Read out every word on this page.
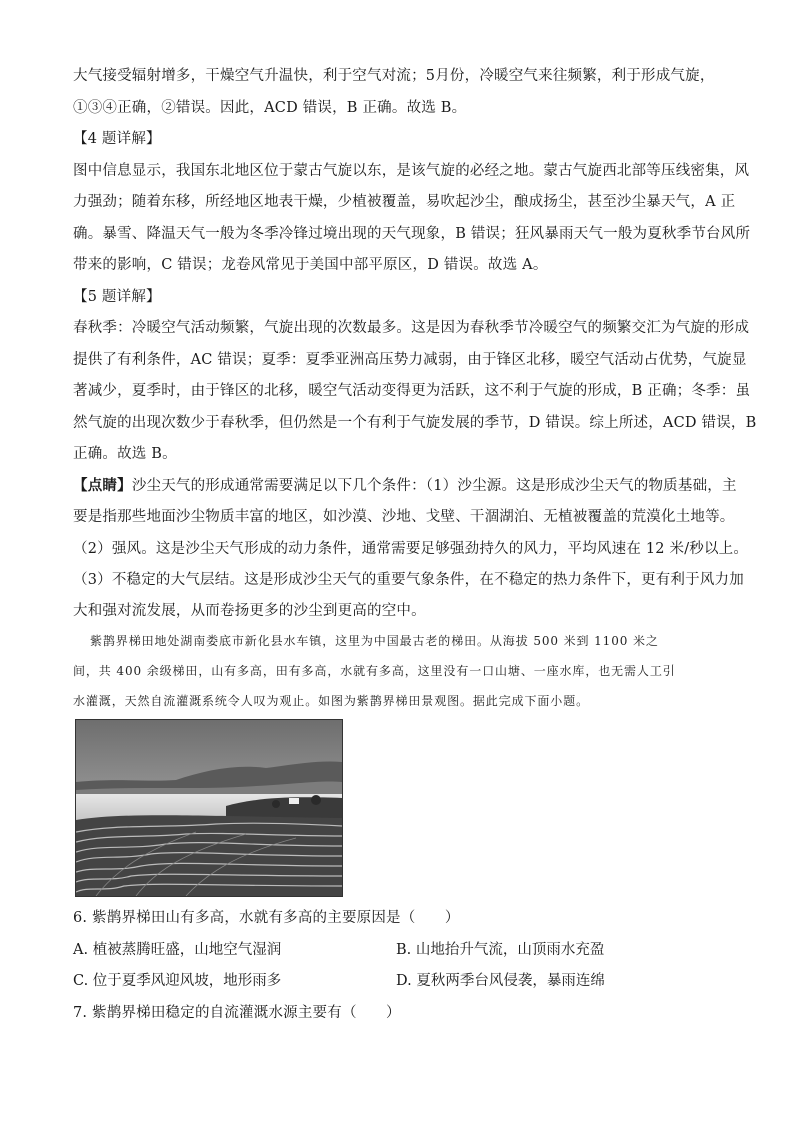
大气接受辐射增多，干燥空气升温快，利于空气对流；5月份，冷暖空气来往频繁，利于形成气旋，
①③④正确，②错误。因此，ACD 错误，B 正确。故选 B。
【4 题详解】
图中信息显示，我国东北地区位于蒙古气旋以东，是该气旋的必经之地。蒙古气旋西北部等压线密集，风
力强劲；随着东移，所经地区地表干燥，少植被覆盖，易吹起沙尘，酿成扬尘，甚至沙尘暴天气，A 正
确。暴雪、降温天气一般为冬季冷锋过境出现的天气现象，B 错误；狂风暴雨天气一般为夏秋季节台风所
带来的影响，C 错误；龙卷风常见于美国中部平原区，D 错误。故选 A。
【5 题详解】
春秋季：冷暖空气活动频繁，气旋出现的次数最多。这是因为春秋季节冷暖空气的频繁交汇为气旋的形成
提供了有利条件，AC 错误；夏季：夏季亚洲高压势力减弱，由于锋区北移，暖空气活动占优势，气旋显
著减少，夏季时，由于锋区的北移，暖空气活动变得更为活跃，这不利于气旋的形成，B 正确；冬季：虽
然气旋的出现次数少于春秋季，但仍然是一个有利于气旋发展的季节，D 错误。综上所述，ACD 错误，B
正确。故选 B。
【点睛】沙尘天气的形成通常需要满足以下几个条件：（1）沙尘源。这是形成沙尘天气的物质基础，主
要是指那些地面沙尘物质丰富的地区，如沙漠、沙地、戈壁、干涸湖泊、无植被覆盖的荒漠化土地等。
（2）强风。这是沙尘天气形成的动力条件，通常需要足够强劲持久的风力，平均风速在 12 米/秒以上。
（3）不稳定的大气层结。这是形成沙尘天气的重要气象条件，在不稳定的热力条件下，更有利于风力加
大和强对流发展，从而卷扬更多的沙尘到更高的空中。
紫鹊界梯田地处湖南娄底市新化县水车镇，这里为中国最古老的梯田。从海拔 500 米到 1100 米之
间，共 400 余级梯田，山有多高，田有多高，水就有多高，这里没有一口山塘、一座水库，也无需人工引
水灌溉，天然自流灌溉系统令人叹为观止。如图为紫鹊界梯田景观图。据此完成下面小题。
6. 紫鹊界梯田山有多高，水就有多高的主要原因是（　　）
A. 植被蒸腾旺盛，山地空气湿润	B. 山地抬升气流，山顶雨水充盈
C. 位于夏季风迎风坡，地形雨多	D. 夏秋两季台风侵袭，暴雨连绵
7. 紫鹊界梯田稳定的自流灌溉水源主要有（　　）
